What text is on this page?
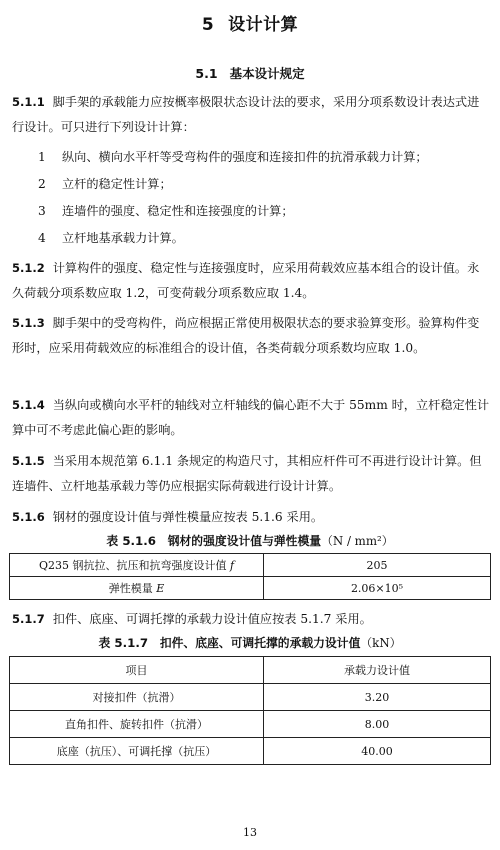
5 设计计算
5.1 基本设计规定
5.1.1 脚手架的承载能力应按概率极限状态设计法的要求，采用分项系数设计表达式进行设计。可只进行下列设计计算：
1 纵向、横向水平杆等受弯构件的强度和连接扣件的抗滑承载力计算；
2 立杆的稳定性计算；
3 连墙件的强度、稳定性和连接强度的计算；
4 立杆地基承载力计算。
5.1.2 计算构件的强度、稳定性与连接强度时，应采用荷载效应基本组合的设计值。永久荷载分项系数应取 1.2，可变荷载分项系数应取 1.4。
5.1.3 脚手架中的受弯构件，尚应根据正常使用极限状态的要求验算变形。验算构件变形时，应采用荷载效应的标准组合的设计值，各类荷载分项系数均应取 1.0。
5.1.4 当纵向或横向水平杆的轴线对立杆轴线的偏心距不大于 55mm 时，立杆稳定性计算中可不考虑此偏心距的影响。
5.1.5 当采用本规范第 6.1.1 条规定的构造尺寸，其相应杆件可不再进行设计计算。但连墙件、立杆地基承载力等仍应根据实际荷载进行设计计算。
5.1.6 钢材的强度设计值与弹性模量应按表 5.1.6 采用。
表 5.1.6　钢材的强度设计值与弹性模量（N / mm²）
Q235 钢抗拉、抗压和抗弯强度设计值 f	205
弹性模量 E	2.06×10⁵
5.1.7 扣件、底座、可调托撑的承载力设计值应按表 5.1.7 采用。
表 5.1.7　扣件、底座、可调托撑的承载力设计值（kN）
项目	承载力设计值
对接扣件（抗滑）	3.20
直角扣件、旋转扣件（抗滑）	8.00
底座（抗压）、可调托撑（抗压）	40.00
13
